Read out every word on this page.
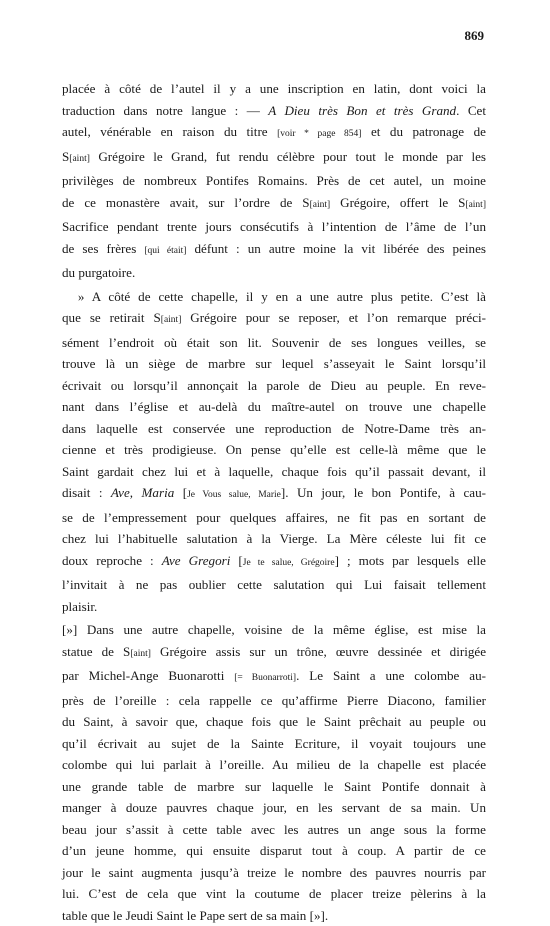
869
placée à côté de l’autel il y a une inscription en latin, dont voici la
traduction dans notre langue : — A Dieu très Bon et très Grand. Cet
autel, vénérable en raison du titre [voir * page 854] et du patronage de
S[aint] Grégoire le Grand, fut rendu célèbre pour tout le monde par les
privilèges de nombreux Pontifes Romains. Près de cet autel, un moine
de ce monastère avait, sur l’ordre de S[aint] Grégoire, offert le S[aint]
Sacrifice pendant trente jours consécutifs à l’intention de l’âme de l’un
de ses frères [qui était] défunt : un autre moine la vit libérée des peines
du purgatoire.
» A côté de cette chapelle, il y en a une autre plus petite. C’est là
que se retirait S[aint] Grégoire pour se reposer, et l’on remarque préci-
sément l’endroit où était son lit. Souvenir de ses longues veilles, se
trouve là un siège de marbre sur lequel s’asseyait le Saint lorsqu’il
écrivait ou lorsqu’il annonçait la parole de Dieu au peuple. En reve-
nant dans l’église et au-delà du maître-autel on trouve une chapelle
dans laquelle est conservée une reproduction de Notre-Dame très an-
cienne et très prodigieuse. On pense qu’elle est celle-là même que le
Saint gardait chez lui et à laquelle, chaque fois qu’il passait devant, il
disait : Ave, Maria [Je Vous salue, Marie]. Un jour, le bon Pontife, à cau-
se de l’empressement pour quelques affaires, ne fit pas en sortant de
chez lui l’habituelle salutation à la Vierge. La Mère céleste lui fit ce
doux reproche : Ave Gregori [Je te salue, Grégoire] ; mots par lesquels elle
l’invitait à ne pas oublier cette salutation qui Lui faisait tellement
plaisir.
[»] Dans une autre chapelle, voisine de la même église, est mise la
statue de S[aint] Grégoire assis sur un trône, œuvre dessinée et dirigée
par Michel-Ange Buonarotti [= Buonarroti]. Le Saint a une colombe au-
près de l’oreille : cela rappelle ce qu’affirme Pierre Diacono, familier
du Saint, à savoir que, chaque fois que le Saint prêchait au peuple ou
qu’il écrivait au sujet de la Sainte Ecriture, il voyait toujours une
colombe qui lui parlait à l’oreille. Au milieu de la chapelle est placée
une grande table de marbre sur laquelle le Saint Pontife donnait à
manger à douze pauvres chaque jour, en les servant de sa main. Un
beau jour s’assit à cette table avec les autres un ange sous la forme
d’un jeune homme, qui ensuite disparut tout à coup. A partir de ce
jour le saint augmenta jusqu’à treize le nombre des pauvres nourris par
lui. C’est de cela que vint la coutume de placer treize pèlerins à la
table que le Jeudi Saint le Pape sert de sa main [»].
